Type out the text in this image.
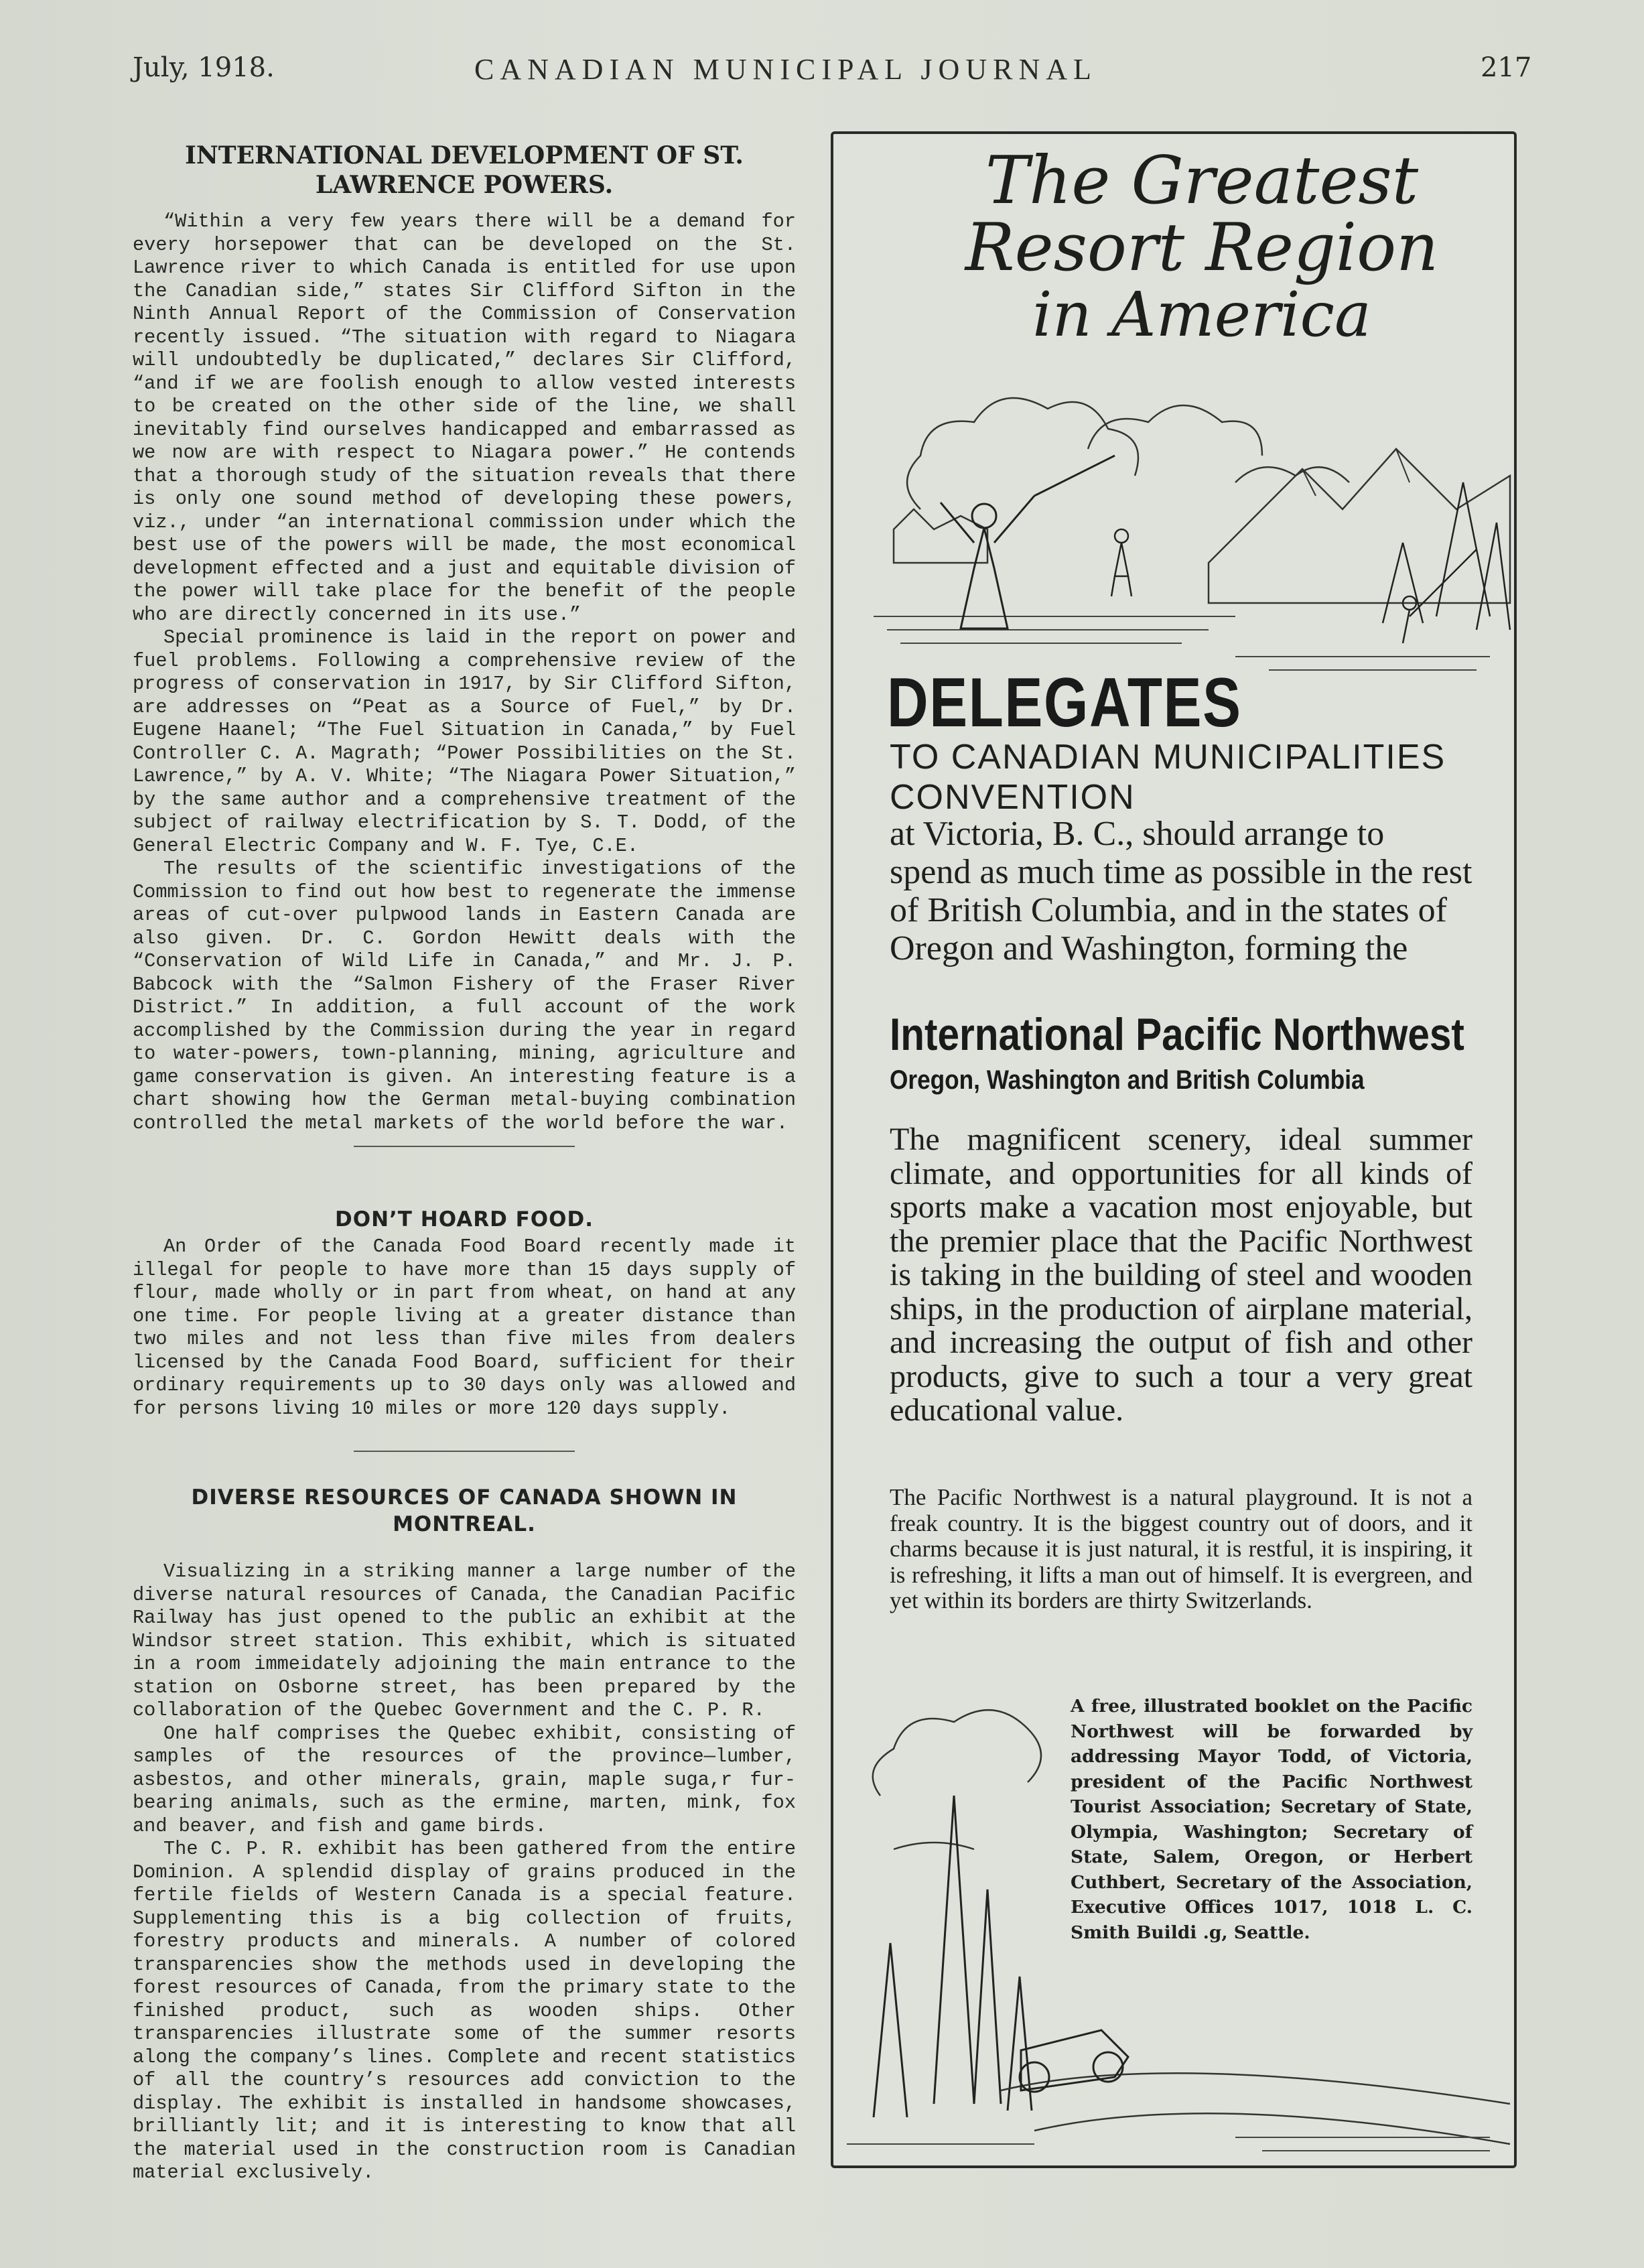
July, 1918.	CANADIAN MUNICIPAL JOURNAL	217
INTERNATIONAL DEVELOPMENT OF ST. LAWRENCE POWERS.

“Within a very few years there will be a demand for every horsepower that can be developed on the St. Lawrence river to which Canada is entitled for use upon the Canadian side,” states Sir Clifford Sifton in the Ninth Annual Report of the Commission of Conservation recently issued. “The situation with regard to Niagara will undoubtedly be duplicated,” declares Sir Clifford, “and if we are foolish enough to allow vested interests to be created on the other side of the line, we shall inevitably find ourselves handicapped and embarrassed as we now are with respect to Niagara power.” He contends that a thorough study of the situation reveals that there is only one sound method of developing these powers, viz., under “an international commission under which the best use of the powers will be made, the most economical development effected and a just and equitable division of the power will take place for the benefit of the people who are directly concerned in its use.”

Special prominence is laid in the report on power and fuel problems. Following a comprehensive review of the progress of conservation in 1917, by Sir Clifford Sifton, are addresses on “Peat as a Source of Fuel,” by Dr. Eugene Haanel; “The Fuel Situation in Canada,” by Fuel Controller C. A. Magrath; “Power Possibilities on the St. Lawrence,” by A. V. White; “The Niagara Power Situation,” by the same author and a comprehensive treatment of the subject of railway electrification by S. T. Dodd, of the General Electric Company and W. F. Tye, C.E.

The results of the scientific investigations of the Commission to find out how best to regenerate the immense areas of cut-over pulpwood lands in Eastern Canada are also given. Dr. C. Gordon Hewitt deals with the “Conservation of Wild Life in Canada,” and Mr. J. P. Babcock with the “Salmon Fishery of the Fraser River District.” In addition, a full account of the work accomplished by the Commission during the year in regard to water-powers, town-planning, mining, agriculture and game conservation is given. An interesting feature is a chart showing how the German metal-buying combination controlled the metal markets of the world before the war.

DON’T HOARD FOOD.

An Order of the Canada Food Board recently made it illegal for people to have more than 15 days supply of flour, made wholly or in part from wheat, on hand at any one time. For people living at a greater distance than two miles and not less than five miles from dealers licensed by the Canada Food Board, sufficient for their ordinary requirements up to 30 days only was allowed and for persons living 10 miles or more 120 days supply.

DIVERSE RESOURCES OF CANADA SHOWN IN MONTREAL.

Visualizing in a striking manner a large number of the diverse natural resources of Canada, the Canadian Pacific Railway has just opened to the public an exhibit at the Windsor street station. This exhibit, which is situated in a room immeidately adjoining the main entrance to the station on Osborne street, has been prepared by the collaboration of the Quebec Government and the C. P. R.

One half comprises the Quebec exhibit, consisting of samples of the resources of the province—lumber, asbestos, and other minerals, grain, maple suga,r fur-bearing animals, such as the ermine, marten, mink, fox and beaver, and fish and game birds.

The C. P. R. exhibit has been gathered from the entire Dominion. A splendid display of grains produced in the fertile fields of Western Canada is a special feature. Supplementing this is a big collection of fruits, forestry products and minerals. A number of colored transparencies show the methods used in developing the forest resources of Canada, from the primary state to the finished product, such as wooden ships. Other transparencies illustrate some of the summer resorts along the company’s lines. Complete and recent statistics of all the country’s resources add conviction to the display. The exhibit is installed in handsome showcases, brilliantly lit; and it is interesting to know that all the material used in the construction room is Canadian material exclusively.

The Greatest
Resort Region
in America
DELEGATES

TO CANADIAN MUNICIPALITIES CONVENTION

at Victoria, B. C., should arrange to spend as much time as possible in the rest of British Columbia, and in the states of Oregon and Washington, forming the

International Pacific Northwest

Oregon, Washington and British Columbia

The magnificent scenery, ideal summer climate, and opportunities for all kinds of sports make a vacation most enjoyable, but the premier place that the Pacific Northwest is taking in the building of steel and wooden ships, in the production of airplane material, and increasing the output of fish and other products, give to such a tour a very great educational value.

The Pacific Northwest is a natural playground. It is not a freak country. It is the biggest country out of doors, and it charms because it is just natural, it is restful, it is inspiring, it is refreshing, it lifts a man out of himself. It is evergreen, and yet within its borders are thirty Switzerlands.

A free, illustrated booklet on the Pacific Northwest will be forwarded by addressing Mayor Todd, of Victoria, president of the Pacific Northwest Tourist Association; Secretary of State, Olympia, Washington; Secretary of State, Salem, Oregon, or Herbert Cuthbert, Secretary of the Association, Executive Offices 1017, 1018 L. C. Smith Buildi .g, Seattle.
